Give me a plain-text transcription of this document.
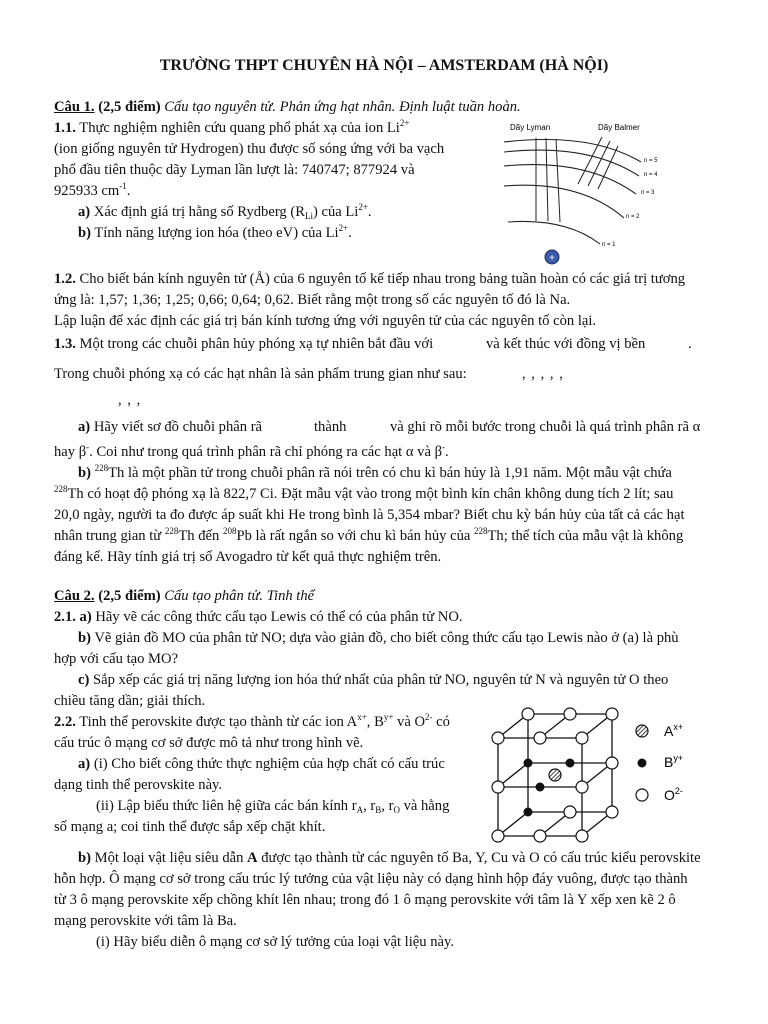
TRƯỜNG THPT CHUYÊN HÀ NỘI – AMSTERDAM (HÀ NỘI)
Câu 1. (2,5 điểm) Cấu tạo nguyên tử. Phản ứng hạt nhân. Định luật tuần hoàn.
1.1. Thực nghiệm nghiên cứu quang phổ phát xạ của ion $Li^{2+}$
(ion giống nguyên tử Hydrogen) thu được số sóng ứng với ba vạch
phổ đầu tiên thuộc dãy Lyman lần lượt là: 740747; 877924 và
925933 $cm^{-1}$.
a) Xác định giá trị hằng số Rydberg $(R_{Li})$ của $Li^{2+}$.
b) Tính năng lượng ion hóa (theo eV) của $Li^{2+}$.
Dãy Lyman	Dãy Balmer
n = 5
n = 4
n = 3
n = 2
n = 1
+
1.2. Cho biết bán kính nguyên tử (Å) của 6 nguyên tố kế tiếp nhau trong bảng tuần hoàn có các giá trị tương
ứng là: 1,57; 1,36; 1,25; 0,66; 0,64; 0,62. Biết rằng một trong số các nguyên tố đó là Na.
Lập luận để xác định các giá trị bán kính tương ứng với nguyên tử của các nguyên tố còn lại.
1.3. Một trong các chuỗi phân hủy phóng xạ tự nhiên bắt đầu với	và kết thúc với đồng vị bền	.
Trong chuỗi phóng xạ có các hạt nhân là sản phẩm trung gian như sau:	, , , , ,
, , ,
a) Hãy viết sơ đồ chuỗi phân rã	thành	và ghi rõ mỗi bước trong chuỗi là quá trình phân rã α
hay β-. Coi như trong quá trình phân rã chỉ phóng ra các hạt α và β-.
b) $^{228}$Th là một phần tử trong chuỗi phân rã nói trên có chu kì bán hủy là 1,91 năm. Một mẫu vật chứa
$^{228}$Th có hoạt độ phóng xạ là 822,7 Ci. Đặt mẫu vật vào trong một bình kín chân không dung tích 2 lít; sau
20,0 ngày, người ta đo được áp suất khi He trong bình là 5,354 mbar? Biết chu kỳ bán hủy của tất cả các hạt
nhân trung gian từ $^{228}$Th đến $^{208}$Pb là rất ngắn so với chu kì bán hủy của $^{228}$Th; thể tích của mẫu vật là không
đáng kể. Hãy tính giá trị số Avogadro từ kết quả thực nghiệm trên.
Câu 2. (2,5 điểm) Cấu tạo phân tử. Tinh thể
2.1. a) Hãy vẽ các công thức cấu tạo Lewis có thể có của phân tử NO.
b) Vẽ giản đồ MO của phân tử NO; dựa vào giản đồ, cho biết công thức cấu tạo Lewis nào ở (a) là phù
hợp với cấu tạo MO?
c) Sắp xếp các giá trị năng lượng ion hóa thứ nhất của phân tử NO, nguyên tử N và nguyên tử O theo
chiều tăng dần; giải thích.
2.2. Tinh thể perovskite được tạo thành từ các ion $A^{x+}$, $B^{y+}$ và $O^{2-}$ có
cấu trúc ô mạng cơ sở được mô tả như trong hình vẽ.
a) (i) Cho biết công thức thực nghiệm của hợp chất có cấu trúc
dạng tinh thể perovskite này.
(ii) Lập biểu thức liên hệ giữa các bán kính $r_A$, $r_B$, $r_O$ và hằng
số mạng a; coi tinh thể được sắp xếp chặt khít.
$A^{x+}$
$B^{y+}$
$O^{2-}$
b) Một loại vật liệu siêu dẫn A được tạo thành từ các nguyên tố Ba, Y, Cu và O có cấu trúc kiểu perovskite
hỗn hợp. Ô mạng cơ sở trong cấu trúc lý tưởng của vật liệu này có dạng hình hộp đáy vuông, được tạo thành
từ 3 ô mạng perovskite xếp chồng khít lên nhau; trong đó 1 ô mạng perovskite với tâm là Y xếp xen kẽ 2 ô
mạng perovskite với tâm là Ba.
(i) Hãy biểu diễn ô mạng cơ sở lý tưởng của loại vật liệu này.
